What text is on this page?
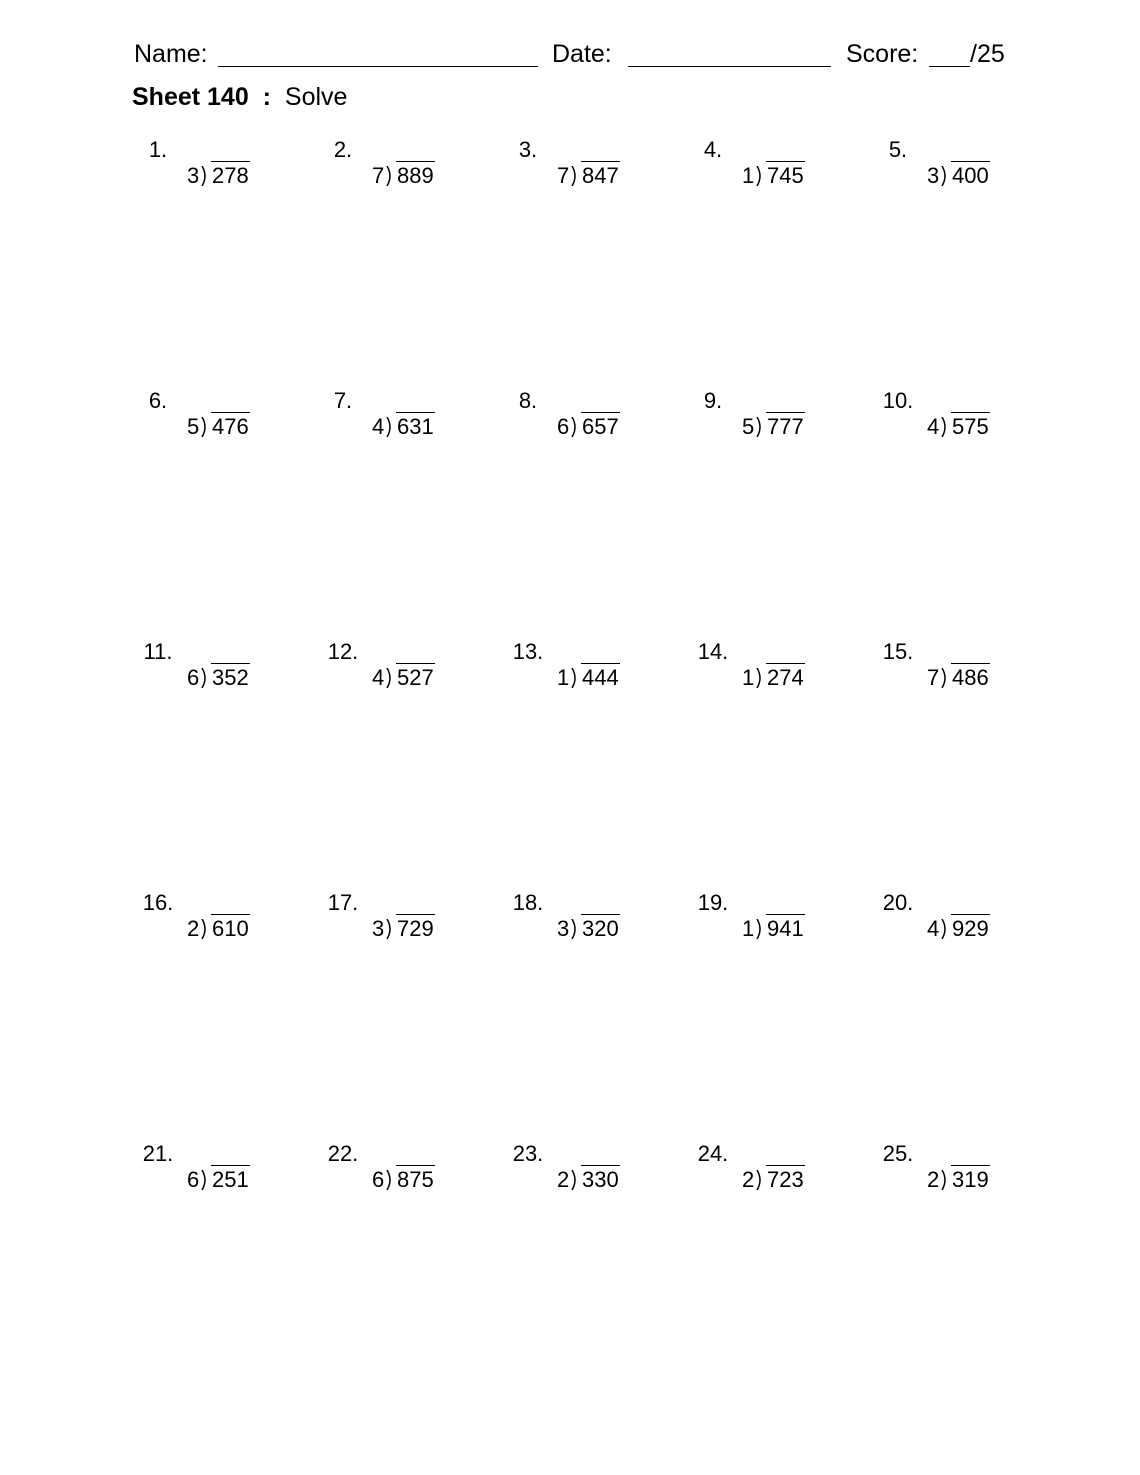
Name:	Date:	Score: /25
Sheet 140 : Solve
1.
3 278
2.
7 889
3.
7 847
4.
1 745
5.
3 400
6.
5 476
7.
4 631
8.
6 657
9.
5 777
10.
4 575
11.
6 352
12.
4 527
13.
1 444
14.
1 274
15.
7 486
16.
2 610
17.
3 729
18.
3 320
19.
1 941
20.
4 929
21.
6 251
22.
6 875
23.
2 330
24.
2 723
25.
2 319
